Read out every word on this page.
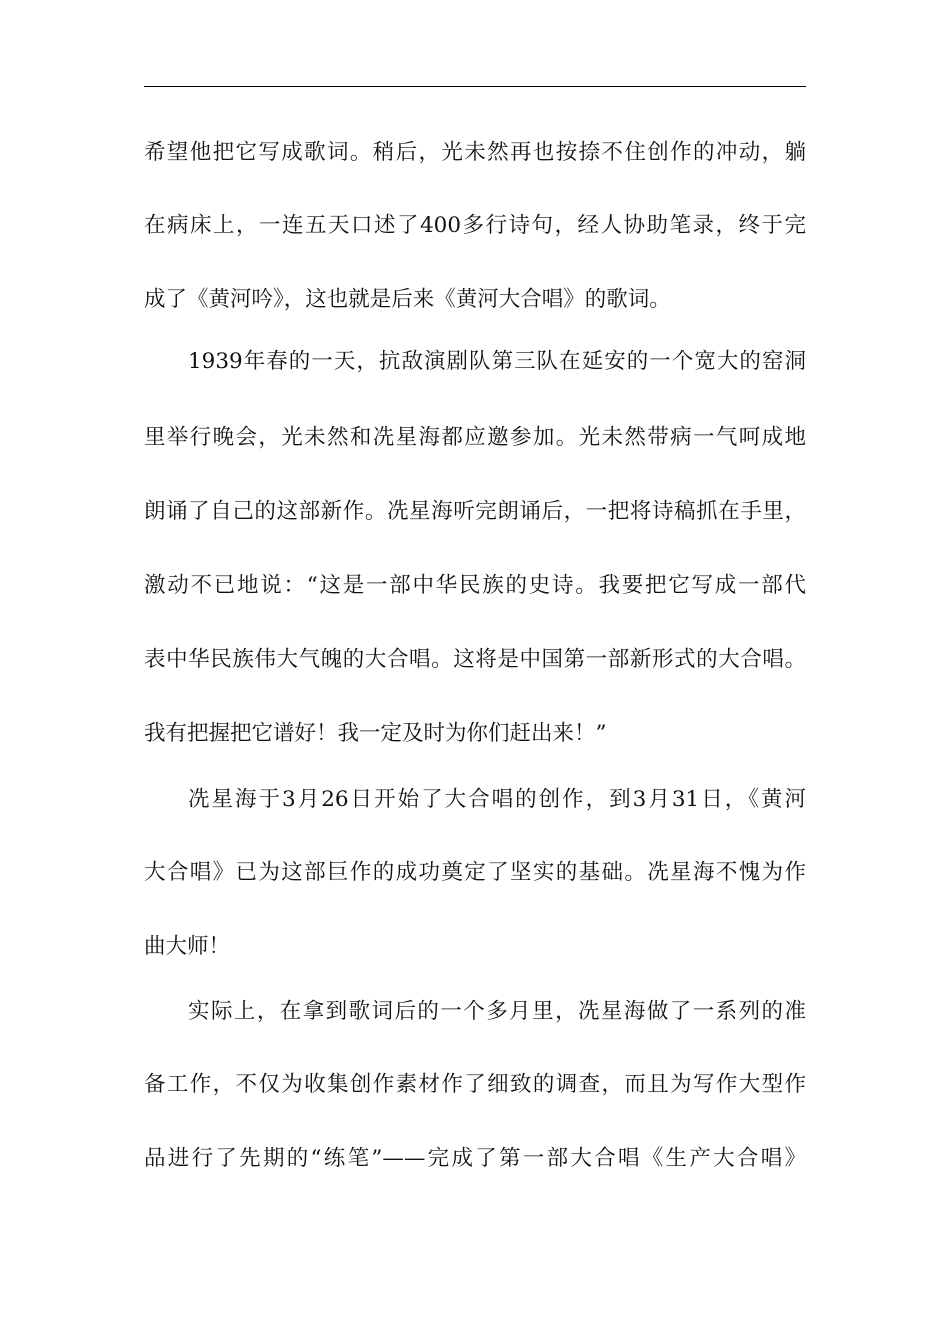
希望他把它写成歌词。稍后，光未然再也按捺不住创作的冲动，躺
在病床上，一连五天口述了400多行诗句，经人协助笔录，终于完
成了《黄河吟》，这也就是后来《黄河大合唱》的歌词。
1939年春的一天，抗敌演剧队第三队在延安的一个宽大的窑洞
里举行晚会，光未然和冼星海都应邀参加。光未然带病一气呵成地
朗诵了自己的这部新作。冼星海听完朗诵后，一把将诗稿抓在手里，
激动不已地说：“这是一部中华民族的史诗。我要把它写成一部代
表中华民族伟大气魄的大合唱。这将是中国第一部新形式的大合唱。
我有把握把它谱好！我一定及时为你们赶出来！”
冼星海于3月26日开始了大合唱的创作，到3月31日，《黄河
大合唱》已为这部巨作的成功奠定了坚实的基础。冼星海不愧为作
曲大师！
实际上，在拿到歌词后的一个多月里，冼星海做了一系列的准
备工作，不仅为收集创作素材作了细致的调查，而且为写作大型作
品进行了先期的“练笔”——完成了第一部大合唱《生产大合唱》
